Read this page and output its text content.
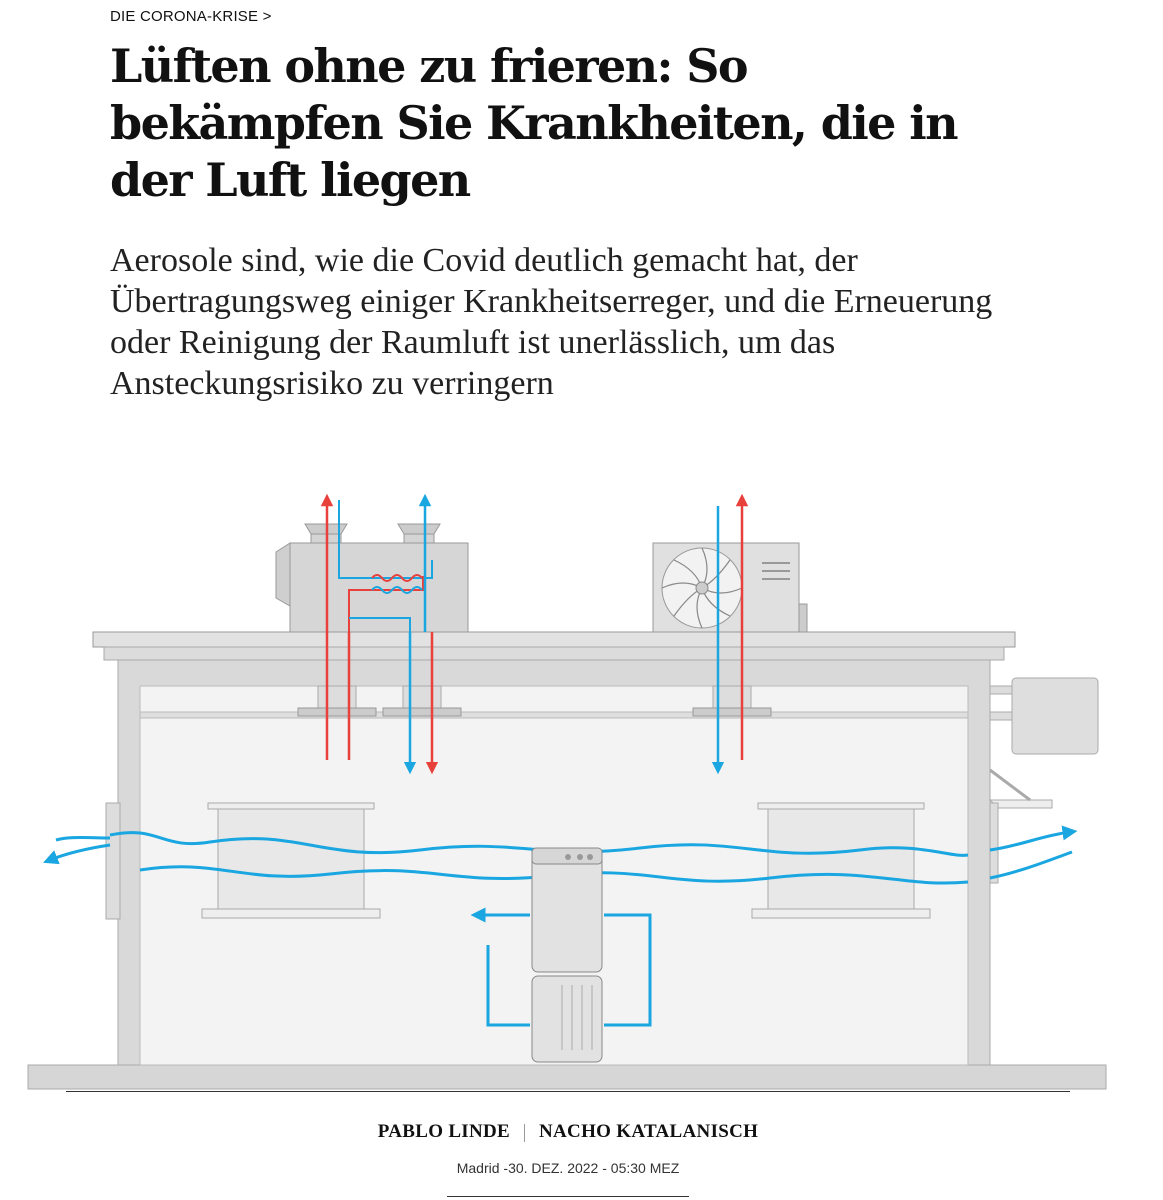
DIE CORONA-KRISE >
Lüften ohne zu frieren: So bekämpfen Sie Krankheiten, die in der Luft liegen

Aerosole sind, wie die Covid deutlich gemacht hat, der Übertragungsweg einiger Krankheitserreger, und die Erneuerung oder Reinigung der Raumluft ist unerlässlich, um das Ansteckungsrisiko zu verringern

PABLO LINDE NACHO KATALANISCH
Madrid -30. DEZ. 2022 - 05:30 MEZ
